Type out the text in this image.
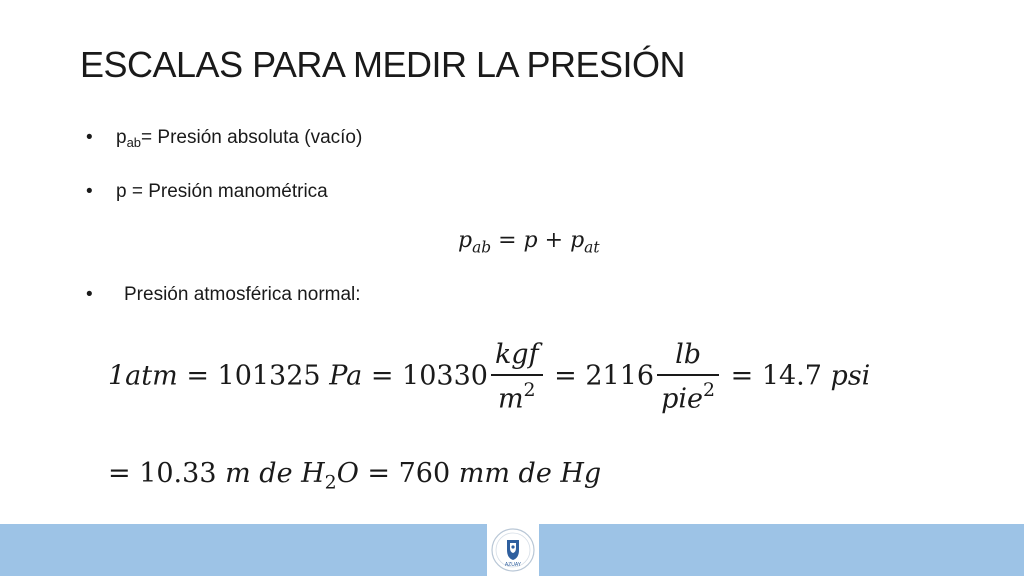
ESCALAS PARA MEDIR LA PRESIÓN
• $p_{ab}=$ Presión absoluta (vacío)
• p = Presión manométrica
$p_{ab} = p + p_{at}$
• Presión atmosférica normal:
1atm = 101325 $Pa = 10330 \frac{\text{kgf}}{m^2} = 2116 \frac{lb}{pie^2} = 14.7$ psi
= 10.33 m de $H_2O = 760$ mm de Hg
AZUAY
